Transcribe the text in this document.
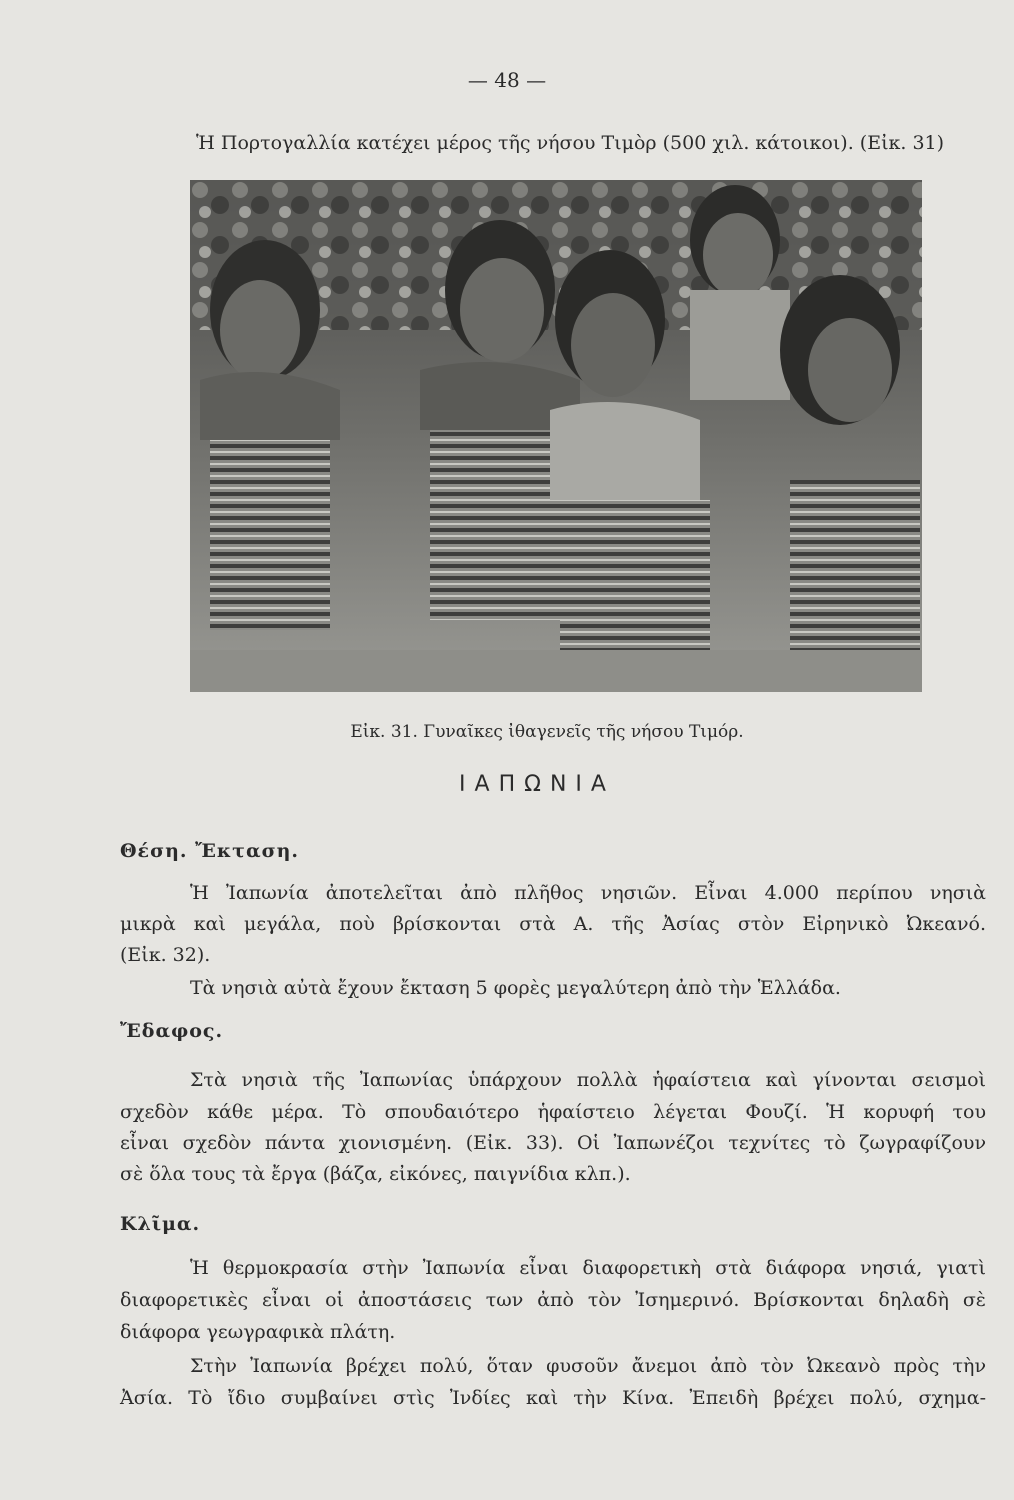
— 48 —
Ἡ Πορτογαλλία κατέχει μέρος τῆς νήσου Τιμὸρ (500 χιλ. κάτοικοι). (Εἰκ. 31)
Εἰκ. 31. Γυναῖκες ἰθαγενεῖς τῆς νήσου Τιμόρ.
ΙΑΠΩΝΙΑ
Θέση. Ἔκταση.
Ἡ Ἰαπωνία ἀποτελεῖται ἀπὸ πλῆθος νησιῶν. Εἶναι 4.000 περίπου νησιὰ
μικρὰ καὶ μεγάλα, ποὺ βρίσκονται στὰ Α. τῆς Ἀσίας στὸν Εἰρηνικὸ Ὠκεανό.
(Εἰκ. 32).
Τὰ νησιὰ αὐτὰ ἔχουν ἔκταση 5 φορὲς μεγαλύτερη ἀπὸ τὴν Ἑλλάδα.
Ἔδαφος.
Στὰ νησιὰ τῆς Ἰαπωνίας ὑπάρχουν πολλὰ ἡφαίστεια καὶ γίνονται σεισμοὶ
σχεδὸν κάθε μέρα. Τὸ σπουδαιότερο ἡφαίστειο λέγεται Φουζί. Ἡ κορυφή του
εἶναι σχεδὸν πάντα χιονισμένη. (Εἰκ. 33). Οἱ Ἰαπωνέζοι τεχνίτες τὸ ζωγραφίζουν
σὲ ὅλα τους τὰ ἔργα (βάζα, εἰκόνες, παιγνίδια κλπ.).
Κλῖμα.
Ἡ θερμοκρασία στὴν Ἰαπωνία εἶναι διαφορετικὴ στὰ διάφορα νησιά, γιατὶ
διαφορετικὲς εἶναι οἱ ἀποστάσεις των ἀπὸ τὸν Ἰσημερινό. Βρίσκονται δηλαδὴ σὲ
διάφορα γεωγραφικὰ πλάτη.
Στὴν Ἰαπωνία βρέχει πολύ, ὅταν φυσοῦν ἄνεμοι ἀπὸ τὸν Ὠκεανὸ πρὸς τὴν
Ἀσία. Τὸ ἴδιο συμβαίνει στὶς Ἰνδίες καὶ τὴν Κίνα. Ἐπειδὴ βρέχει πολύ, σχημα-
